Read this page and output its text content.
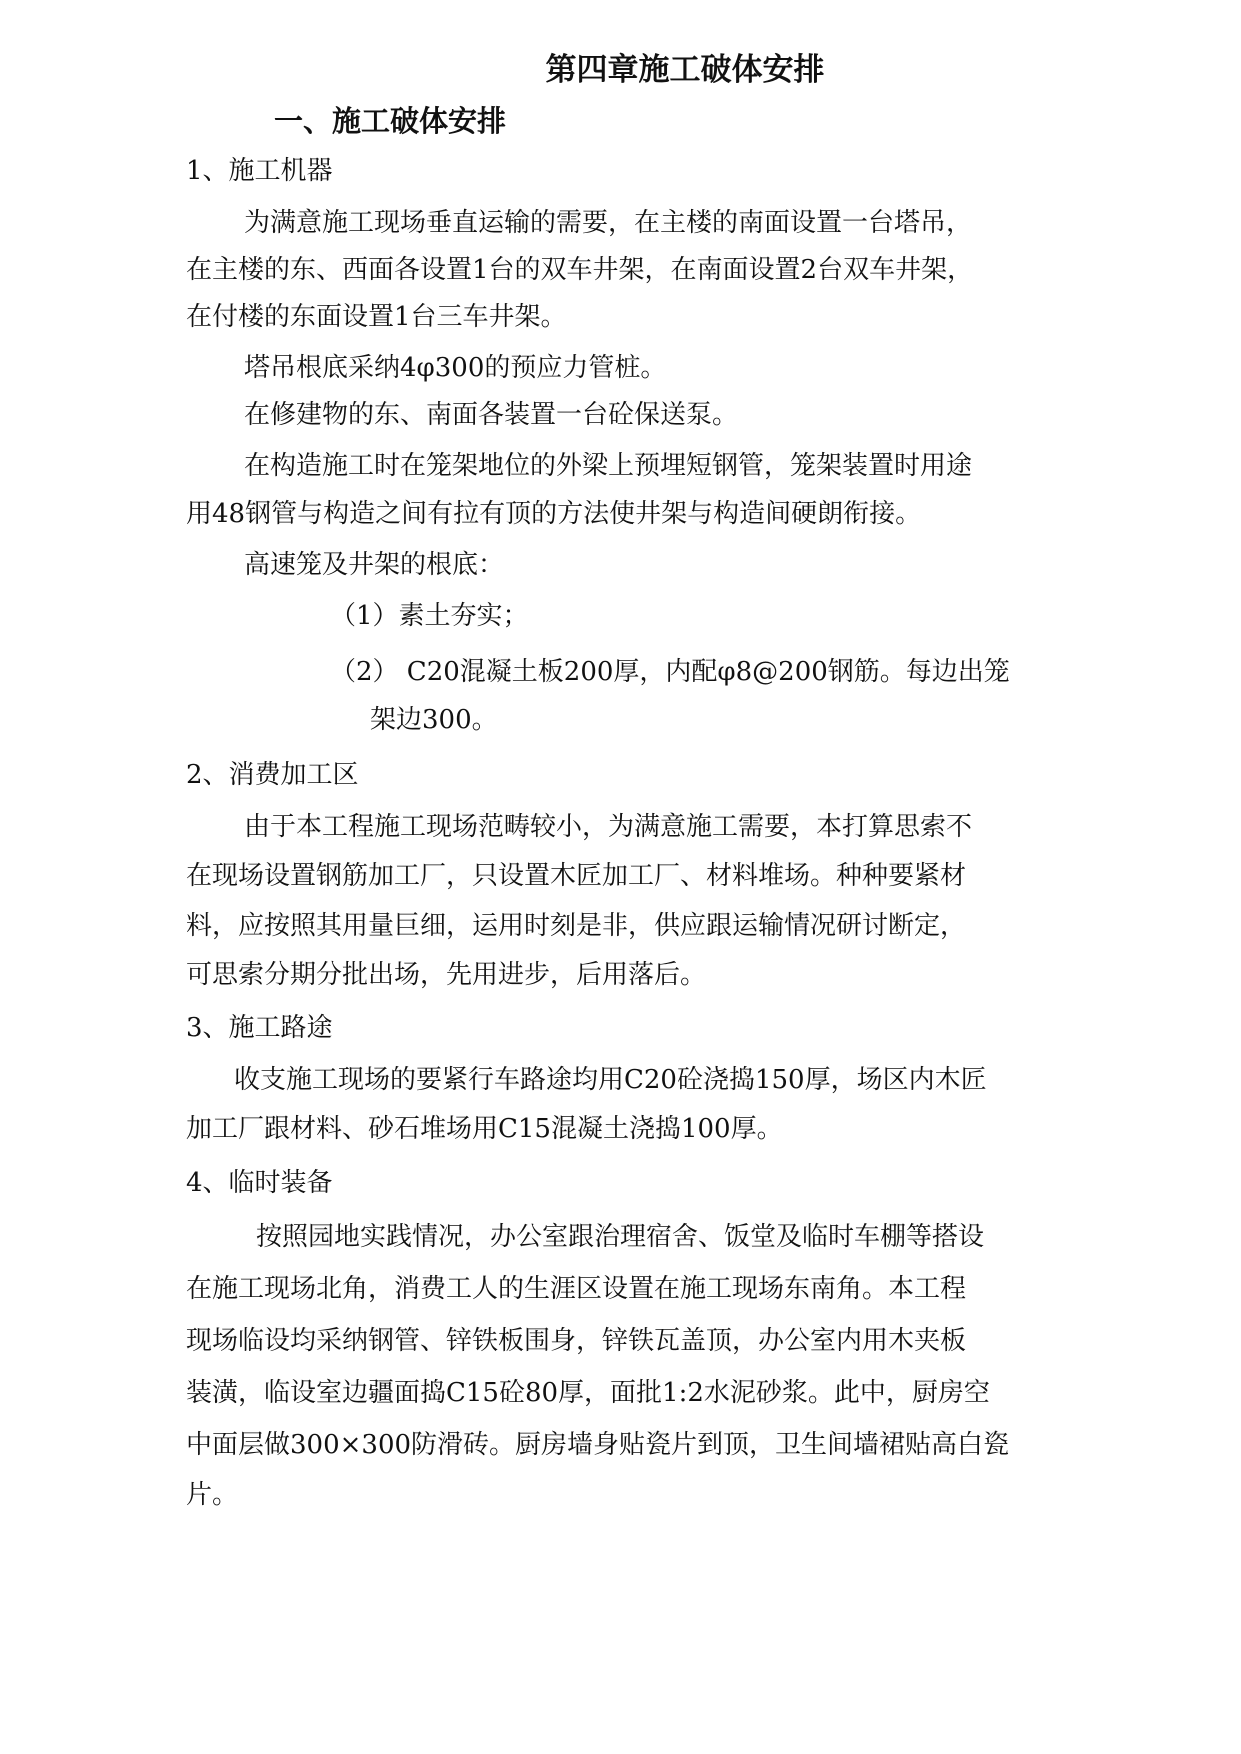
第四章施工破体安排
一、施工破体安排

1、施工机器

为满意施工现场垂直运输的需要，在主楼的南面设置一台塔吊，

在主楼的东、西面各设置1台的双车井架，在南面设置2台双车井架，

在付楼的东面设置1台三车井架。

塔吊根底采纳4φ300的预应力管桩。

在修建物的东、南面各装置一台砼保送泵。

在构造施工时在笼架地位的外梁上预埋短钢管，笼架装置时用途

用48钢管与构造之间有拉有顶的方法使井架与构造间硬朗衔接。

高速笼及井架的根底：

（1）素土夯实；

（2） C20混凝土板200厚，内配φ8@200钢筋。每边出笼

架边300。

2、消费加工区

由于本工程施工现场范畴较小，为满意施工需要，本打算思索不

在现场设置钢筋加工厂，只设置木匠加工厂、材料堆场。种种要紧材

料，应按照其用量巨细，运用时刻是非，供应跟运输情况研讨断定，

可思索分期分批出场，先用进步，后用落后。

3、施工路途

收支施工现场的要紧行车路途均用C20砼浇捣150厚，场区内木匠

加工厂跟材料、砂石堆场用C15混凝土浇捣100厚。

4、临时装备

按照园地实践情况，办公室跟治理宿舍、饭堂及临时车棚等搭设

在施工现场北角，消费工人的生涯区设置在施工现场东南角。本工程

现场临设均采纳钢管、锌铁板围身，锌铁瓦盖顶，办公室内用木夹板

装潢，临设室边疆面捣C15砼80厚，面批1:2水泥砂浆。此中，厨房空

中面层做300×300防滑砖。厨房墙身贴瓷片到顶，卫生间墙裙贴高白瓷

片。
